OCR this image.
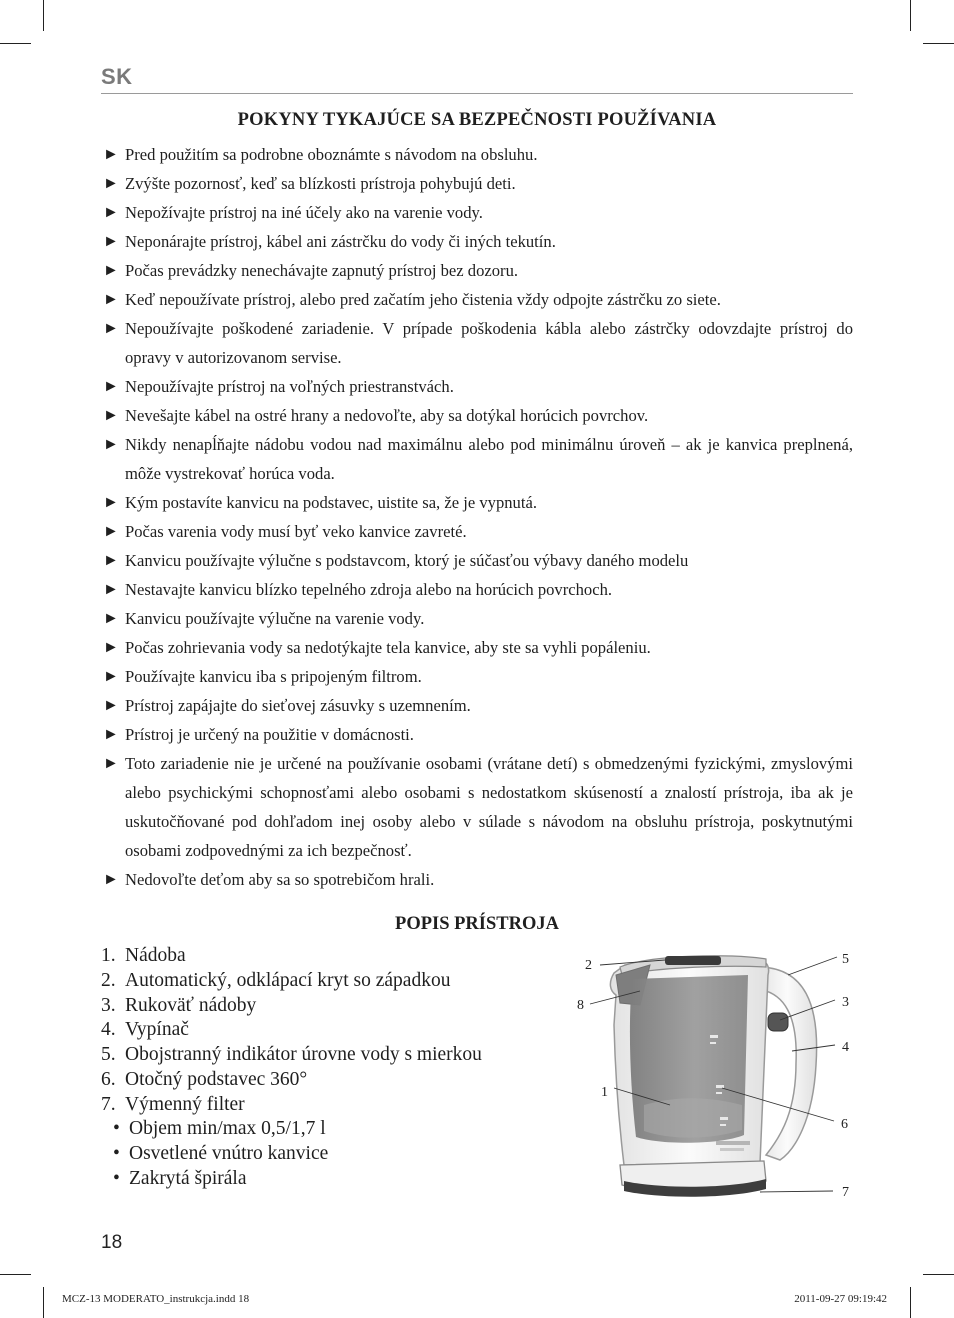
SK
POKYNY TYKAJÚCE SA BEZPEČNOSTI POUŽÍVANIA
► Pred použitím sa podrobne oboznámte s návodom na obsluhu.
► Zvýšte pozornosť, keď sa blízkosti prístroja pohybujú deti.
► Nepožívajte prístroj na iné účely ako na varenie vody.
► Neponárajte prístroj, kábel ani zástrčku do vody či iných tekutín.
► Počas prevádzky nenechávajte zapnutý prístroj bez dozoru.
► Keď nepoužívate prístroj, alebo pred začatím jeho čistenia vždy odpojte zástrčku zo siete.
► Nepoužívajte poškodené zariadenie. V prípade poškodenia kábla alebo zástrčky odovzdajte prístroj do opravy v autorizovanom servise.
► Nepoužívajte prístroj na voľných priestranstvách.
► Nevešajte kábel na ostré hrany a nedovoľte, aby sa dotýkal horúcich povrchov.
► Nikdy nenapĺňajte nádobu vodou nad maximálnu alebo pod minimálnu úroveň – ak je kanvica preplnená, môže vystrekovať horúca voda.
► Kým postavíte kanvicu na podstavec, uistite sa, že je vypnutá.
► Počas varenia vody musí byť veko kanvice zavreté.
► Kanvicu používajte výlučne s podstavcom, ktorý je súčasťou výbavy daného modelu
► Nestavajte kanvicu blízko tepelného zdroja alebo na horúcich povrchoch.
► Kanvicu používajte výlučne na varenie vody.
► Počas zohrievania vody sa nedotýkajte tela kanvice, aby ste sa vyhli popáleniu.
► Používajte kanvicu iba s pripojeným filtrom.
► Prístroj zapájajte do sieťovej zásuvky s uzemnením.
► Prístroj je určený na použitie v domácnosti.
► Toto zariadenie nie je určené na používanie osobami (vrátane detí) s obmedzenými fyzickými, zmyslovými alebo psychickými schopnosťami alebo osobami s nedostatkom skúseností a znalostí prístroja, iba ak je uskutočňované pod dohľadom inej osoby alebo v súlade s návodom na obsluhu prístroja, poskytnutými osobami zodpovednými za ich bezpečnosť.
► Nedovoľte deťom aby sa so spotrebičom hrali.
POPIS PRÍSTROJA
1. Nádoba
2. Automatický, odklápací kryt so západkou
3. Rukoväť nádoby
4. Vypínač
5. Obojstranný indikátor úrovne vody s mierkou
6. Otočný podstavec 360°
7. Výmenný filter
• Objem min/max 0,5/1,7 l
• Osvetlené vnútro kanvice
• Zakrytá špirála
2
8
1
5
3
4
6
7
18
MCZ-13 MODERATO_instrukcja.indd 18	2011-09-27 09:19:42
